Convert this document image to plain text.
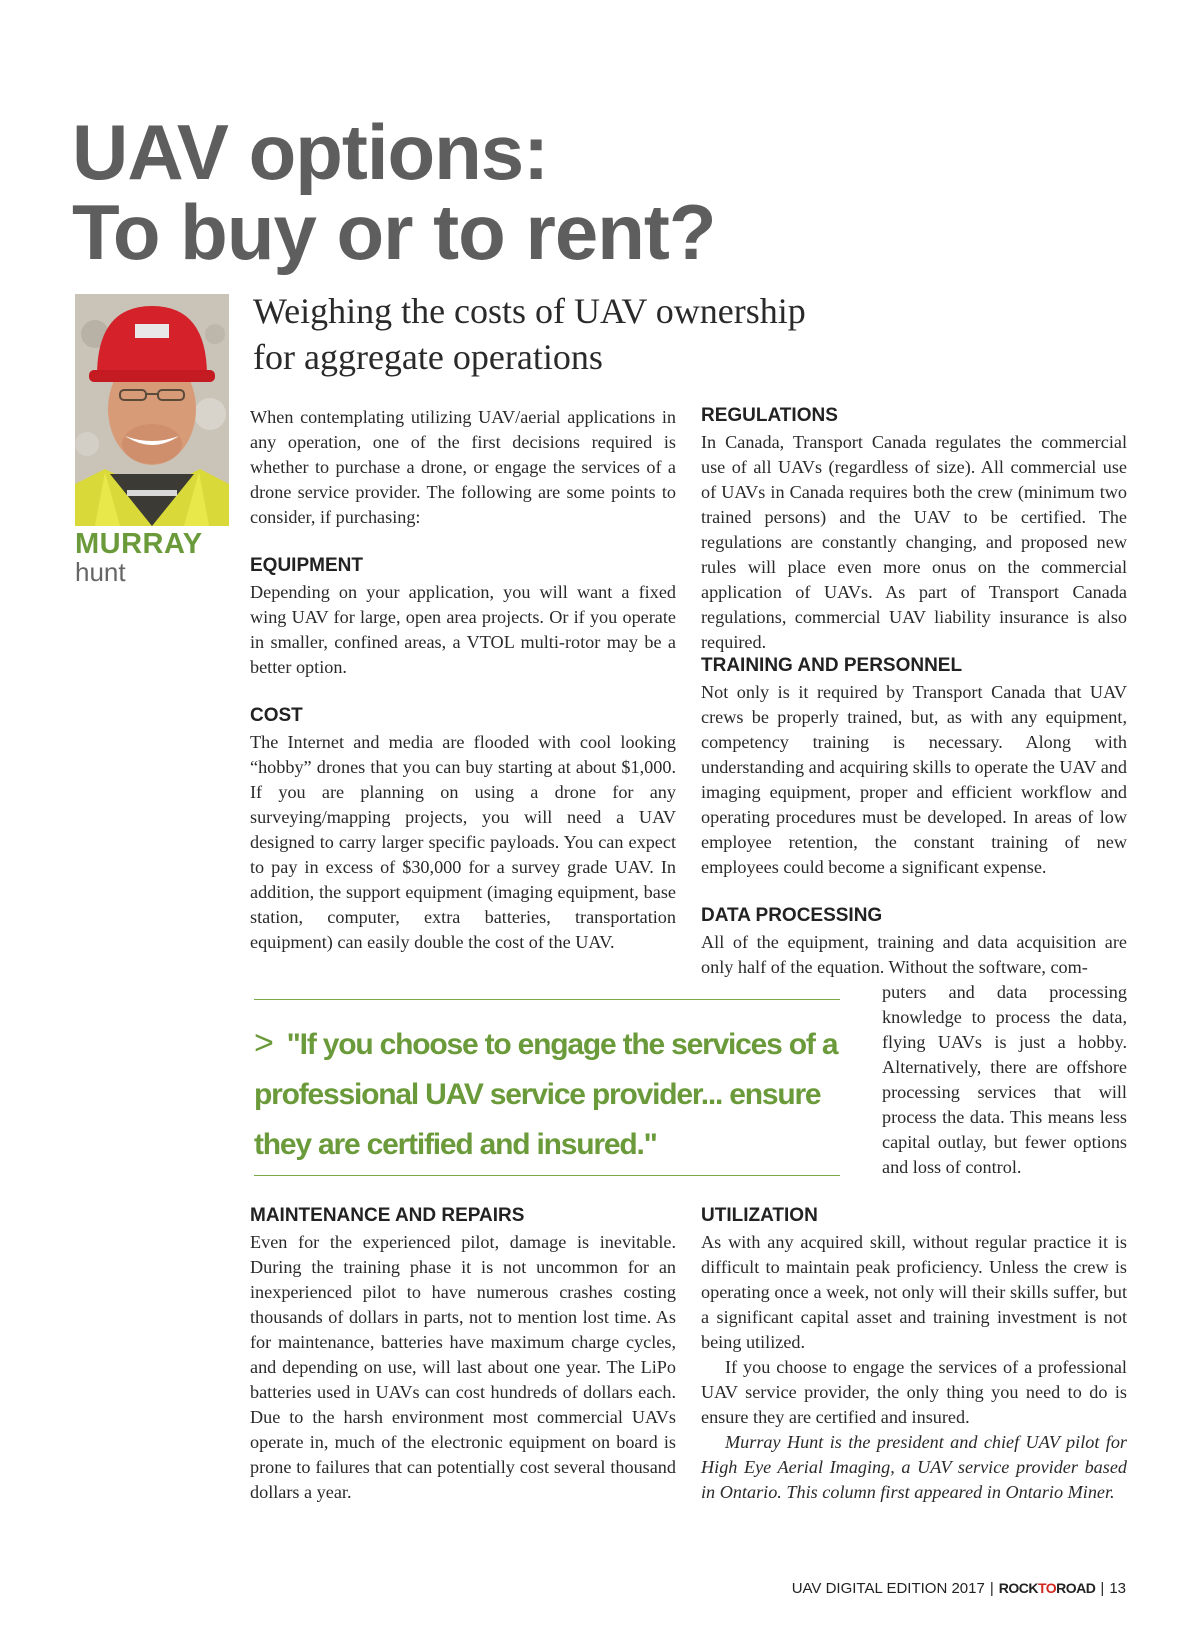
UAV options:
To buy or to rent?
MURRAY
hunt
Weighing the costs of UAV ownership
for aggregate operations

When contemplating utilizing UAV/aerial applications in any operation, one of the first decisions required is whether to purchase a drone, or engage the services of a drone service provider. The following are some points to consider, if purchasing:

EQUIPMENT

Depending on your application, you will want a fixed wing UAV for large, open area projects. Or if you operate in smaller, confined areas, a VTOL multi-rotor may be a better option.

COST

The Internet and media are flooded with cool looking “hobby” drones that you can buy starting at about $1,000. If you are planning on using a drone for any surveying/mapping projects, you will need a UAV designed to carry larger specific payloads. You can expect to pay in excess of $30,000 for a survey grade UAV. In addition, the support equipment (imaging equipment, base station, computer, extra batteries, transportation equipment) can easily double the cost of the UAV.

REGULATIONS

In Canada, Transport Canada regulates the commercial use of all UAVs (regardless of size). All commercial use of UAVs in Canada requires both the crew (minimum two trained persons) and the UAV to be certified. The regulations are constantly changing, and proposed new rules will place even more onus on the commercial application of UAVs. As part of Transport Canada regulations, commercial UAV liability insurance is also required.

TRAINING AND PERSONNEL

Not only is it required by Transport Canada that UAV crews be properly trained, but, as with any equipment, competency training is necessary. Along with understanding and acquiring skills to operate the UAV and imaging equipment, proper and efficient workflow and operating procedures must be developed. In areas of low employee retention, the constant training of new employees could become a significant expense.

DATA PROCESSING

All of the equipment, training and data acquisition are only half of the equation. Without the software, com-

puters and data processing knowledge to process the data, flying UAVs is just a hobby. Alternatively, there are offshore processing services that will process the data. This means less capital outlay, but fewer options and loss of control.

> "If you choose to engage the services of a professional UAV service provider... ensure they are certified and insured."

MAINTENANCE AND REPAIRS

Even for the experienced pilot, damage is inevitable. During the training phase it is not uncommon for an inexperienced pilot to have numerous crashes costing thousands of dollars in parts, not to mention lost time. As for maintenance, batteries have maximum charge cycles, and depending on use, will last about one year. The LiPo batteries used in UAVs can cost hundreds of dollars each. Due to the harsh environment most commercial UAVs operate in, much of the electronic equipment on board is prone to failures that can potentially cost several thousand dollars a year.

UTILIZATION

As with any acquired skill, without regular practice it is difficult to maintain peak proficiency. Unless the crew is operating once a week, not only will their skills suffer, but a significant capital asset and training investment is not being utilized.

If you choose to engage the services of a professional UAV service provider, the only thing you need to do is ensure they are certified and insured.

Murray Hunt is the president and chief UAV pilot for High Eye Aerial Imaging, a UAV service provider based in Ontario. This column first appeared in Ontario Miner.

UAV DIGITAL EDITION 2017 | ROCKTOROAD | 13
